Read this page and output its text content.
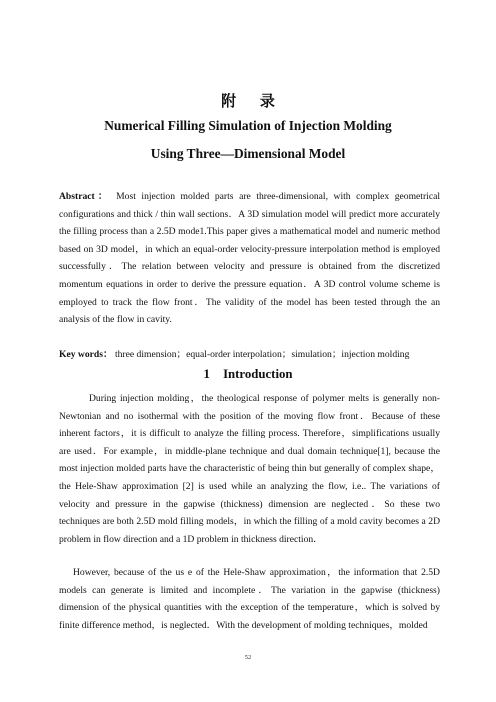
附 录
Numerical Filling Simulation of Injection Molding
Using Three—Dimensional Model
Abstract： Most injection molded parts are three-dimensional, with complex geometrical configurations and thick / thin wall sections．A 3D simulation model will predict more accurately the filling process than a 2.5D mode1.This paper gives a mathematical model and numeric method based on 3D model，in which an equal-order velocity-pressure interpolation method is employed successfully．The relation between velocity and pressure is obtained from the discretized momentum equations in order to derive the pressure equation．A 3D control volume scheme is employed to track the flow front．The validity of the model has been tested through the an analysis of the flow in cavity.
Key words： three dimension；equal-order interpolation；simulation；injection molding
1 Introduction
During injection molding，the theological response of polymer melts is generally non-Newtonian and no isothermal with the position of the moving flow front．Because of these inherent factors，it is difficult to analyze the filling process. Therefore，simplifications usually are used．For example，in middle-plane technique and dual domain technique[1], because the most injection molded parts have the characteristic of being thin but generally of complex shape，the Hele-Shaw approximation [2] is used while an analyzing the flow, i.e.. The variations of velocity and pressure in the gapwise (thickness) dimension are neglected．So these two techniques are both 2.5D mold filling models，in which the filling of a mold cavity becomes a 2D problem in flow direction and a 1D problem in thickness direction．
However, because of the us e of the Hele-Shaw approximation，the information that 2.5D models can generate is limited and incomplete．The variation in the gapwise (thickness) dimension of the physical quantities with the exception of the temperature，which is solved by finite difference method，is neglected．With the development of molding techniques，molded
52
